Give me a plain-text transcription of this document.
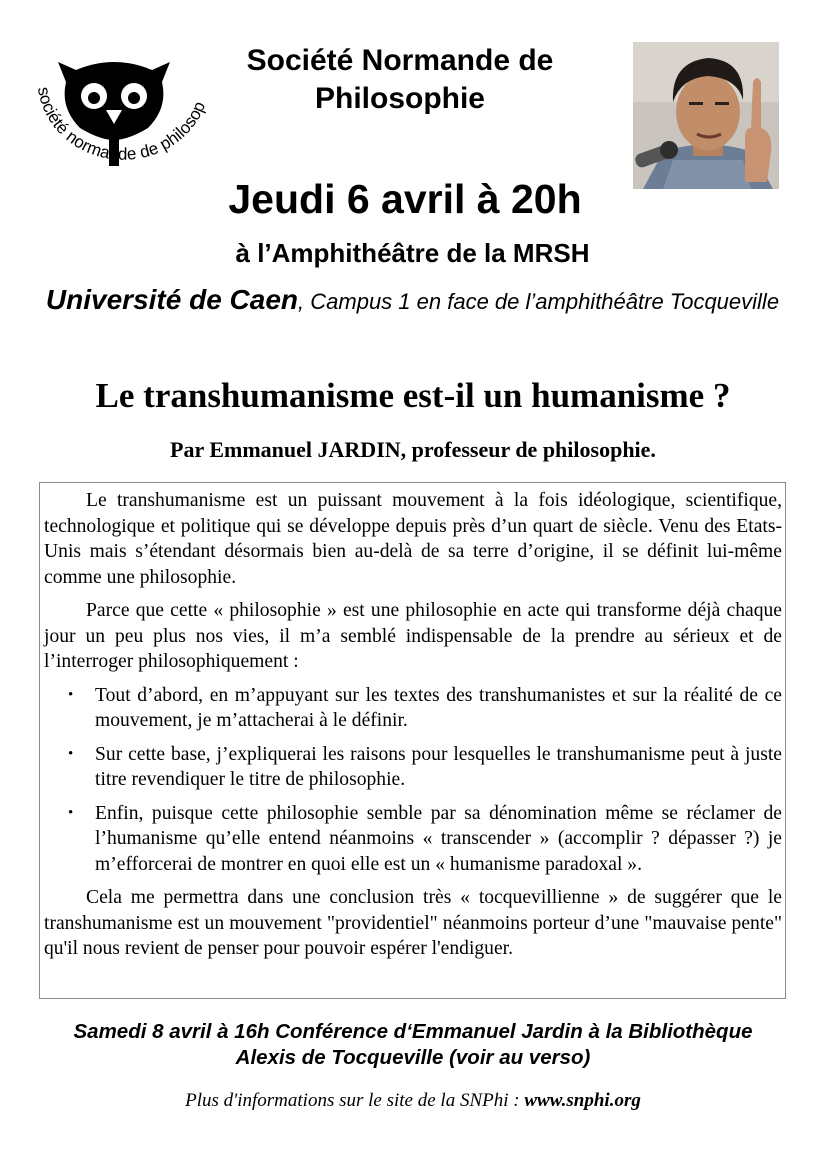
société normande de philosop
Société Normande de
Philosophie
Jeudi 6 avril à 20h
à l’Amphithéâtre de la MRSH
Université de Caen, Campus 1 en face de l’amphithéâtre Tocqueville
Le transhumanisme est-il un humanisme ?
Par Emmanuel JARDIN, professeur de philosophie.

Le transhumanisme est un puissant mouvement à la fois idéologique, scientifique, technologique et politique qui se développe depuis près d’un quart de siècle. Venu des Etats-Unis mais s’étendant désormais bien au-delà de sa terre d’origine, il se définit lui-même comme une philosophie.

Parce que cette « philosophie » est une philosophie en acte qui transforme déjà chaque jour un peu plus nos vies, il m’a semblé indispensable de la prendre au sérieux et de l’interroger philosophiquement :

• Tout d’abord, en m’appuyant sur les textes des transhumanistes et sur la réalité de ce mouvement, je m’attacherai à le définir.
• Sur cette base, j’expliquerai les raisons pour lesquelles le transhumanisme peut à juste titre revendiquer le titre de philosophie.
• Enfin, puisque cette philosophie semble par sa dénomination même se réclamer de l’humanisme qu’elle entend néanmoins « transcender » (accomplir ? dépasser ?) je m’efforcerai de montrer en quoi elle est un « humanisme paradoxal ».

Cela me permettra dans une conclusion très « tocquevillienne » de suggérer que le transhumanisme est un mouvement "providentiel" néanmoins porteur d’une "mauvaise pente" qu'il nous revient de penser pour pouvoir espérer l'endiguer.

Samedi 8 avril à 16h Conférence d‘Emmanuel Jardin à la Bibliothèque
Alexis de Tocqueville (voir au verso)
Plus d'informations sur le site de la SNPhi : www.snphi.org
